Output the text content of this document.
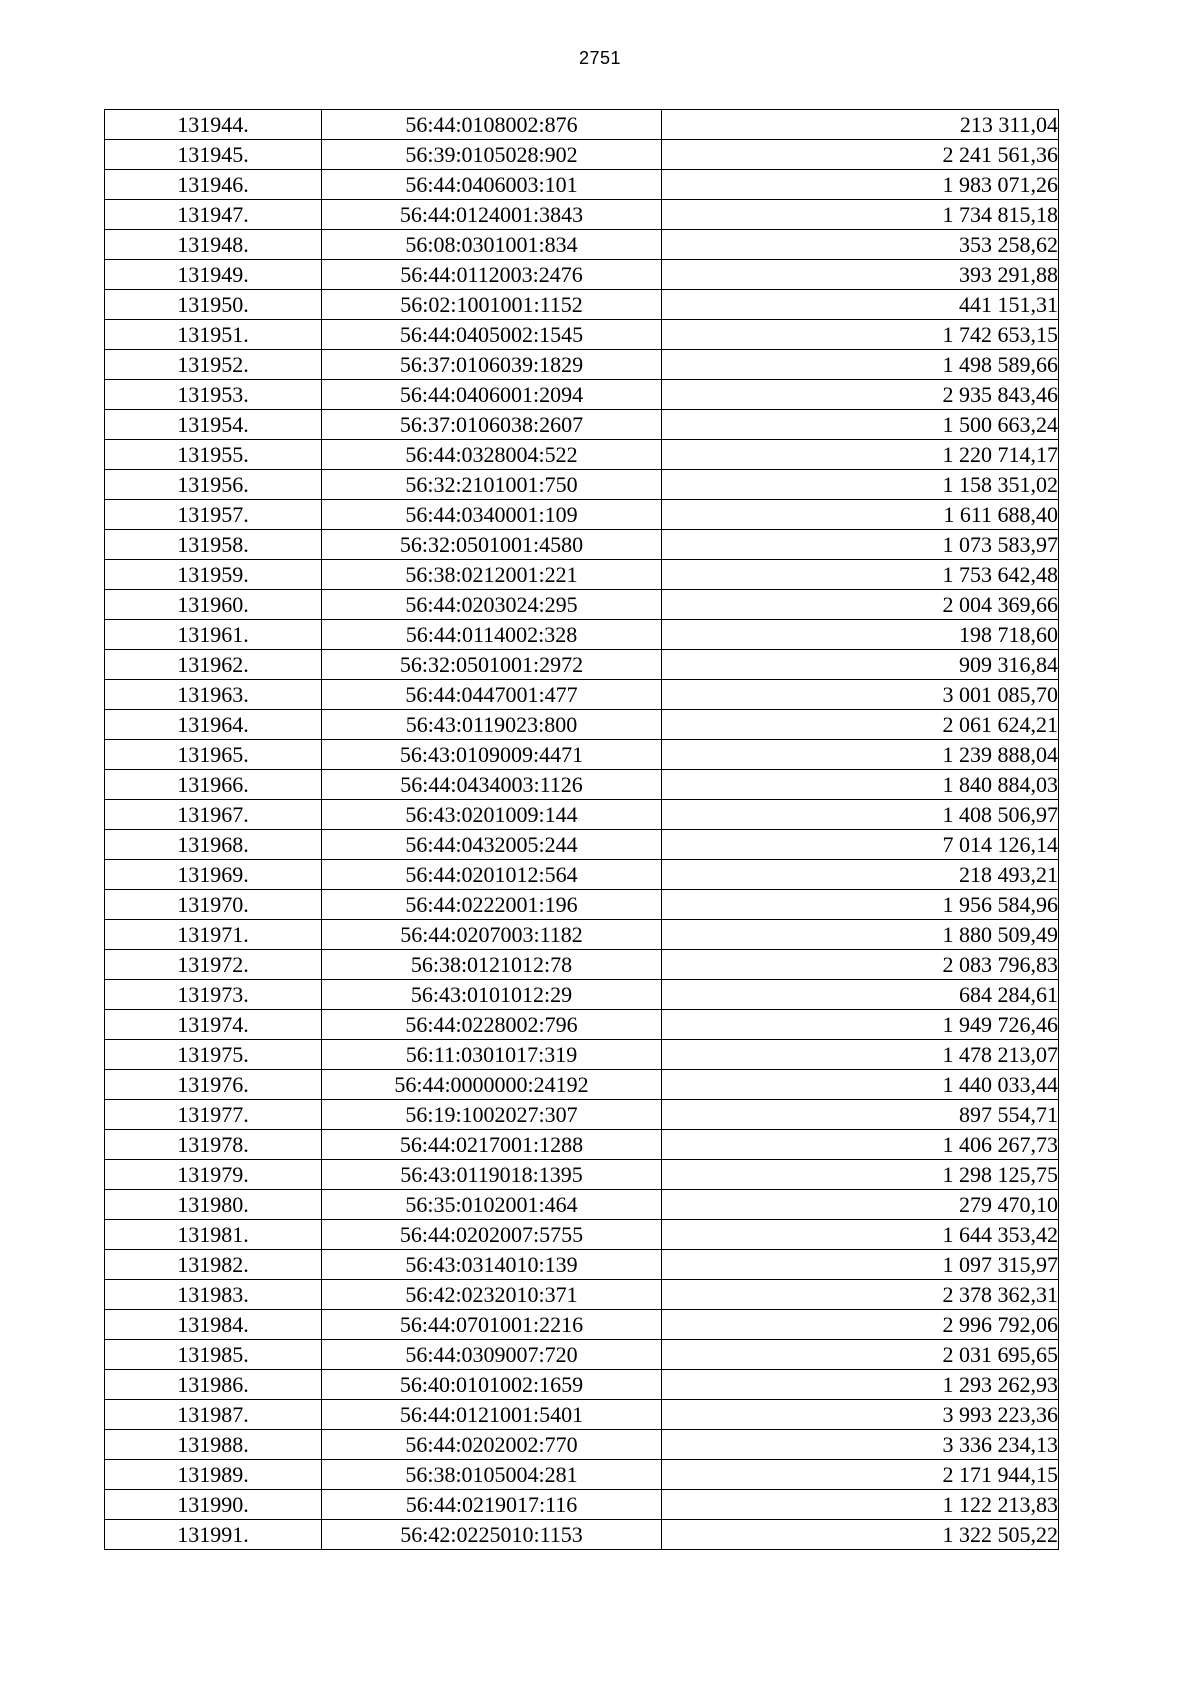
2751
131944.	56:44:0108002:876	213 311,04
131945.	56:39:0105028:902	2 241 561,36
131946.	56:44:0406003:101	1 983 071,26
131947.	56:44:0124001:3843	1 734 815,18
131948.	56:08:0301001:834	353 258,62
131949.	56:44:0112003:2476	393 291,88
131950.	56:02:1001001:1152	441 151,31
131951.	56:44:0405002:1545	1 742 653,15
131952.	56:37:0106039:1829	1 498 589,66
131953.	56:44:0406001:2094	2 935 843,46
131954.	56:37:0106038:2607	1 500 663,24
131955.	56:44:0328004:522	1 220 714,17
131956.	56:32:2101001:750	1 158 351,02
131957.	56:44:0340001:109	1 611 688,40
131958.	56:32:0501001:4580	1 073 583,97
131959.	56:38:0212001:221	1 753 642,48
131960.	56:44:0203024:295	2 004 369,66
131961.	56:44:0114002:328	198 718,60
131962.	56:32:0501001:2972	909 316,84
131963.	56:44:0447001:477	3 001 085,70
131964.	56:43:0119023:800	2 061 624,21
131965.	56:43:0109009:4471	1 239 888,04
131966.	56:44:0434003:1126	1 840 884,03
131967.	56:43:0201009:144	1 408 506,97
131968.	56:44:0432005:244	7 014 126,14
131969.	56:44:0201012:564	218 493,21
131970.	56:44:0222001:196	1 956 584,96
131971.	56:44:0207003:1182	1 880 509,49
131972.	56:38:0121012:78	2 083 796,83
131973.	56:43:0101012:29	684 284,61
131974.	56:44:0228002:796	1 949 726,46
131975.	56:11:0301017:319	1 478 213,07
131976.	56:44:0000000:24192	1 440 033,44
131977.	56:19:1002027:307	897 554,71
131978.	56:44:0217001:1288	1 406 267,73
131979.	56:43:0119018:1395	1 298 125,75
131980.	56:35:0102001:464	279 470,10
131981.	56:44:0202007:5755	1 644 353,42
131982.	56:43:0314010:139	1 097 315,97
131983.	56:42:0232010:371	2 378 362,31
131984.	56:44:0701001:2216	2 996 792,06
131985.	56:44:0309007:720	2 031 695,65
131986.	56:40:0101002:1659	1 293 262,93
131987.	56:44:0121001:5401	3 993 223,36
131988.	56:44:0202002:770	3 336 234,13
131989.	56:38:0105004:281	2 171 944,15
131990.	56:44:0219017:116	1 122 213,83
131991.	56:42:0225010:1153	1 322 505,22
